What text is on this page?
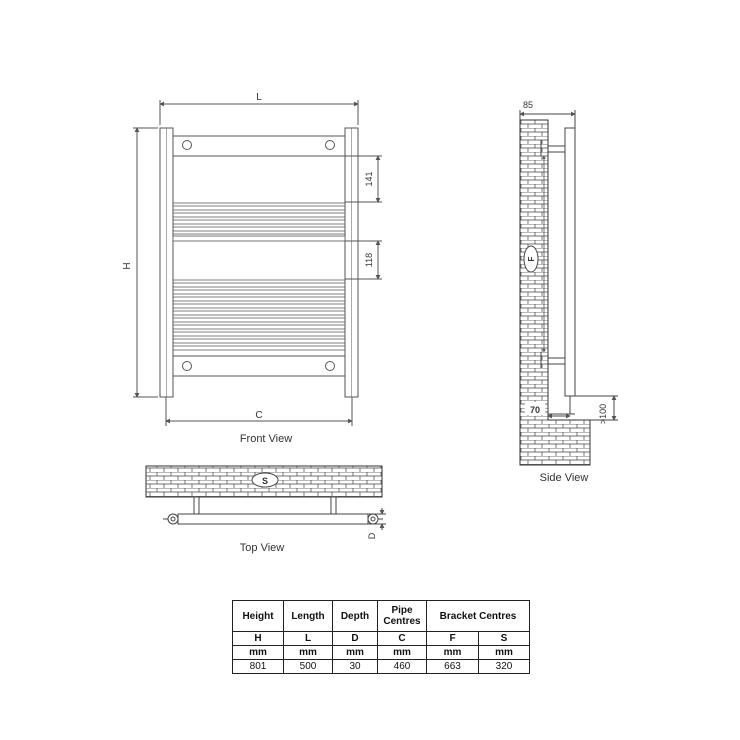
L
H
141
118
C
Front View
S
D
Top View
F
85
70	>100
Side View
Height	Length	Depth	Pipe Centres	Bracket Centres	
H	L	D	C	F	S
mm	mm	mm	mm	mm	mm
801	500	30	460	663	320
